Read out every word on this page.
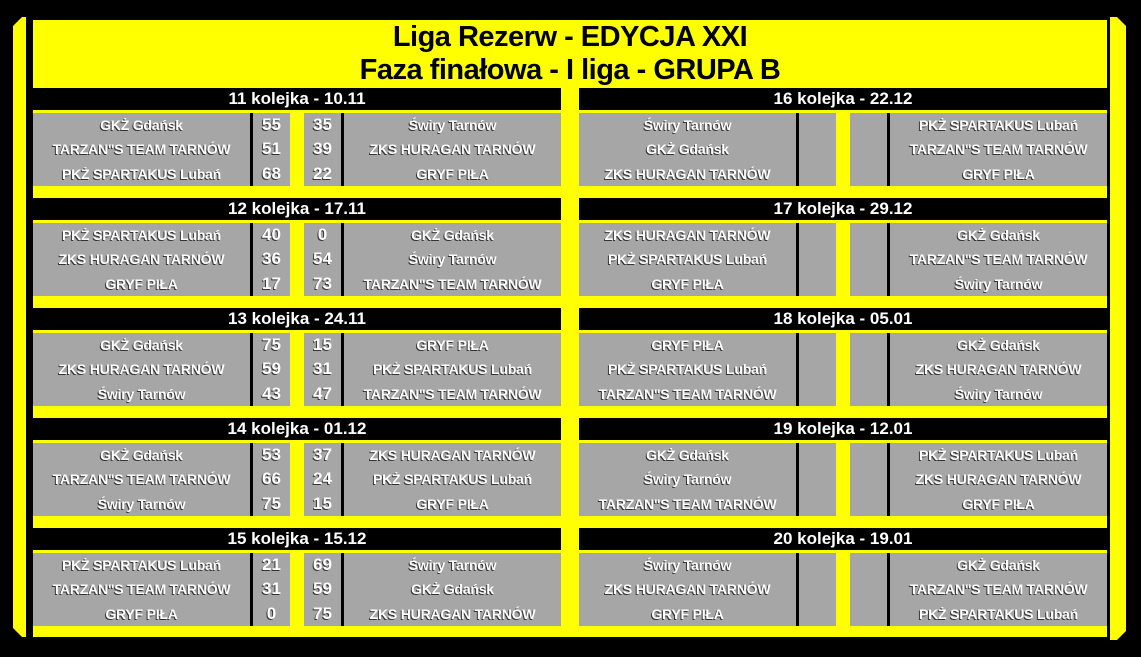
Liga Rezerw - EDYCJA XXI
Faza finałowa - I liga - GRUPA B
11 kolejka - 10.11
GKŻ Gdańsk
TARZAN"S TEAM TARNÓW
PKŻ SPARTAKUS Lubań
55
51
68
35
39
22
Świry Tarnów
ZKS HURAGAN TARNÓW
GRYF PIŁA
16 kolejka - 22.12
Świry Tarnów
GKŻ Gdańsk
ZKS HURAGAN TARNÓW
PKŻ SPARTAKUS Lubań
TARZAN"S TEAM TARNÓW
GRYF PIŁA
12 kolejka - 17.11
PKŻ SPARTAKUS Lubań
ZKS HURAGAN TARNÓW
GRYF PIŁA
40
36
17
0
54
73
GKŻ Gdańsk
Świry Tarnów
TARZAN"S TEAM TARNÓW
17 kolejka - 29.12
ZKS HURAGAN TARNÓW
PKŻ SPARTAKUS Lubań
GRYF PIŁA
GKŻ Gdańsk
TARZAN"S TEAM TARNÓW
Świry Tarnów
13 kolejka - 24.11
GKŻ Gdańsk
ZKS HURAGAN TARNÓW
Świry Tarnów
75
59
43
15
31
47
GRYF PIŁA
PKŻ SPARTAKUS Lubań
TARZAN"S TEAM TARNÓW
18 kolejka - 05.01
GRYF PIŁA
PKŻ SPARTAKUS Lubań
TARZAN"S TEAM TARNÓW
GKŻ Gdańsk
ZKS HURAGAN TARNÓW
Świry Tarnów
14 kolejka - 01.12
GKŻ Gdańsk
TARZAN"S TEAM TARNÓW
Świry Tarnów
53
66
75
37
24
15
ZKS HURAGAN TARNÓW
PKŻ SPARTAKUS Lubań
GRYF PIŁA
19 kolejka - 12.01
GKŻ Gdańsk
Świry Tarnów
TARZAN"S TEAM TARNÓW
PKŻ SPARTAKUS Lubań
ZKS HURAGAN TARNÓW
GRYF PIŁA
15 kolejka - 15.12
PKŻ SPARTAKUS Lubań
TARZAN"S TEAM TARNÓW
GRYF PIŁA
21
31
0
69
59
75
Świry Tarnów
GKŻ Gdańsk
ZKS HURAGAN TARNÓW
20 kolejka - 19.01
Świry Tarnów
ZKS HURAGAN TARNÓW
GRYF PIŁA
GKŻ Gdańsk
TARZAN"S TEAM TARNÓW
PKŻ SPARTAKUS Lubań
